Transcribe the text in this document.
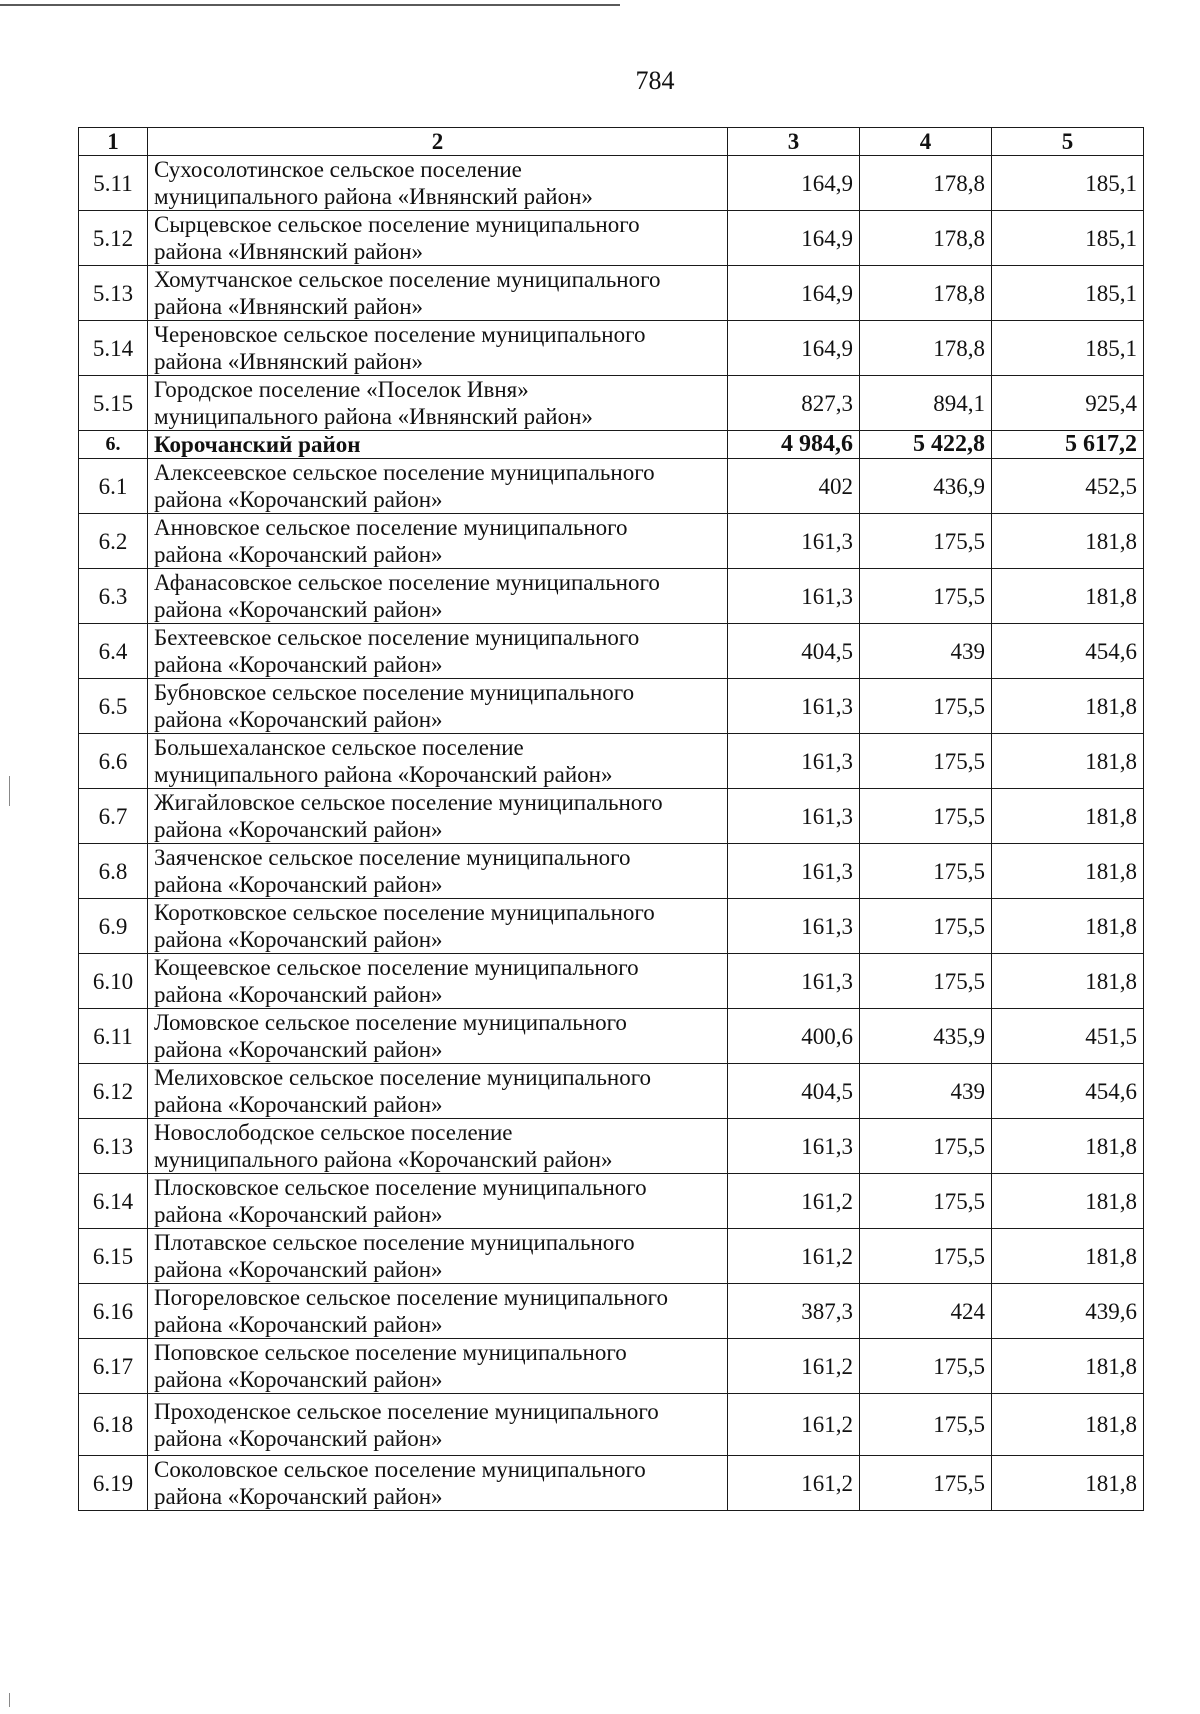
784
1	2	3	4	5
5.11	Сухосолотинское сельское поселение
муниципального района «Ивнянский район»	164,9	178,8	185,1
5.12	Сырцевское сельское поселение муниципального
района «Ивнянский район»	164,9	178,8	185,1
5.13	Хомутчанское сельское поселение муниципального
района «Ивнянский район»	164,9	178,8	185,1
5.14	Череновское сельское поселение муниципального
района «Ивнянский район»	164,9	178,8	185,1
5.15	Городское поселение «Поселок Ивня»
муниципального района «Ивнянский район»	827,3	894,1	925,4
6.	Корочанский район	4 984,6	5 422,8	5 617,2
6.1	Алексеевское сельское поселение муниципального
района «Корочанский район»	402	436,9	452,5
6.2	Анновское сельское поселение муниципального
района «Корочанский район»	161,3	175,5	181,8
6.3	Афанасовское сельское поселение муниципального
района «Корочанский район»	161,3	175,5	181,8
6.4	Бехтеевское сельское поселение муниципального
района «Корочанский район»	404,5	439	454,6
6.5	Бубновское сельское поселение муниципального
района «Корочанский район»	161,3	175,5	181,8
6.6	Большехаланское сельское поселение
муниципального района «Корочанский район»	161,3	175,5	181,8
6.7	Жигайловское сельское поселение муниципального
района «Корочанский район»	161,3	175,5	181,8
6.8	Заяченское сельское поселение муниципального
района «Корочанский район»	161,3	175,5	181,8
6.9	Коротковское сельское поселение муниципального
района «Корочанский район»	161,3	175,5	181,8
6.10	Кощеевское сельское поселение муниципального
района «Корочанский район»	161,3	175,5	181,8
6.11	Ломовское сельское поселение муниципального
района «Корочанский район»	400,6	435,9	451,5
6.12	Мелиховское сельское поселение муниципального
района «Корочанский район»	404,5	439	454,6
6.13	Новослободское сельское поселение
муниципального района «Корочанский район»	161,3	175,5	181,8
6.14	Плосковское сельское поселение муниципального
района «Корочанский район»	161,2	175,5	181,8
6.15	Плотавское сельское поселение муниципального
района «Корочанский район»	161,2	175,5	181,8
6.16	Погореловское сельское поселение муниципального
района «Корочанский район»	387,3	424	439,6
6.17	Поповское сельское поселение муниципального
района «Корочанский район»	161,2	175,5	181,8
6.18	Проходенское сельское поселение муниципального
района «Корочанский район»	161,2	175,5	181,8
6.19	Соколовское сельское поселение муниципального
района «Корочанский район»	161,2	175,5	181,8
